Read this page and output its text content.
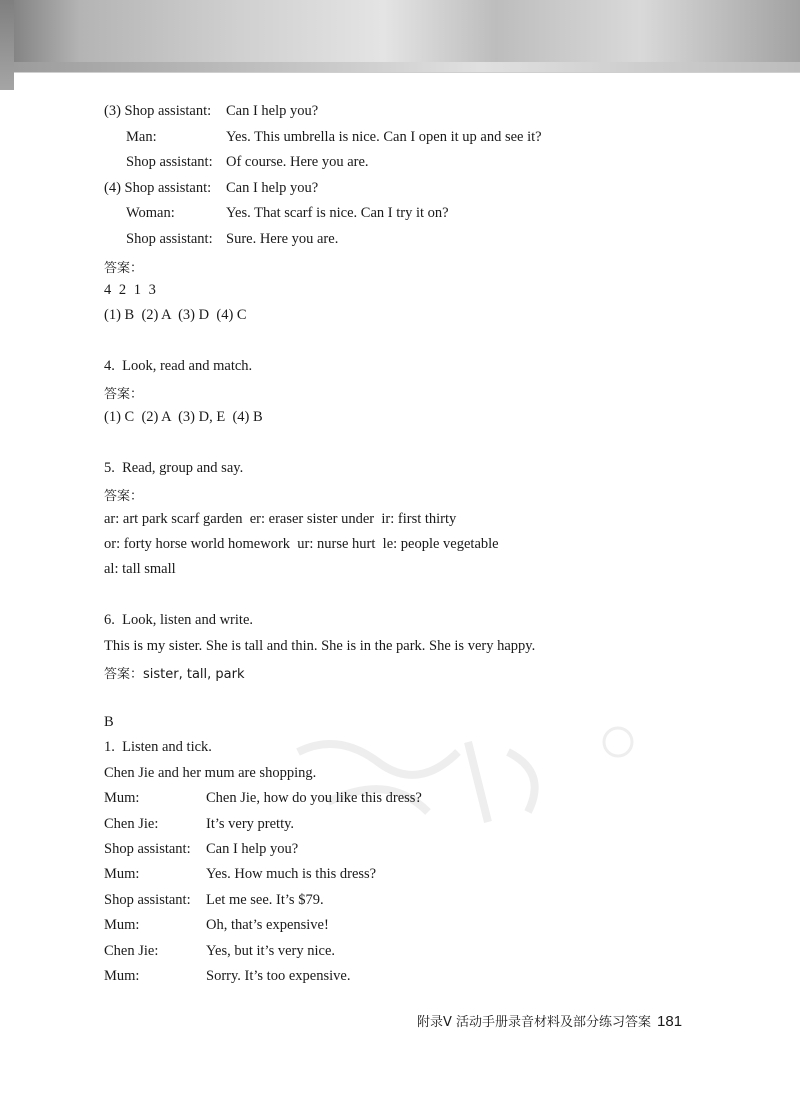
(3) Shop assistant: Can I help you?
Man:	Yes. This umbrella is nice. Can I open it up and see it?
Shop assistant: Of course. Here you are.
(4) Shop assistant: Can I help you?
Woman:	Yes. That scarf is nice. Can I try it on?
Shop assistant: Sure. Here you are.
答案：
4 2 1 3
(1) B  (2) A  (3) D  (4) C
4.  Look, read and match.
答案：
(1) C  (2) A  (3) D, E  (4) B
5.  Read, group and say.
答案：
ar: art park scarf garden  er: eraser sister under  ir: first thirty
or: forty horse world homework  ur: nurse hurt  le: people vegetable
al: tall small
6.  Look, listen and write.
This is my sister. She is tall and thin. She is in the park. She is very happy.
答案：sister, tall, park
B
1.  Listen and tick.
Chen Jie and her mum are shopping.
Mum:	Chen Jie, how do you like this dress?
Chen Jie:	It’s very pretty.
Shop assistant: Can I help you?
Mum:	Yes. How much is this dress?
Shop assistant: Let me see. It’s $79.
Mum:	Oh, that’s expensive!
Chen Jie:	Yes, but it’s very nice.
Mum:	Sorry. It’s too expensive.
附录Ⅴ 活动手册录音材料及部分练习答案 181
